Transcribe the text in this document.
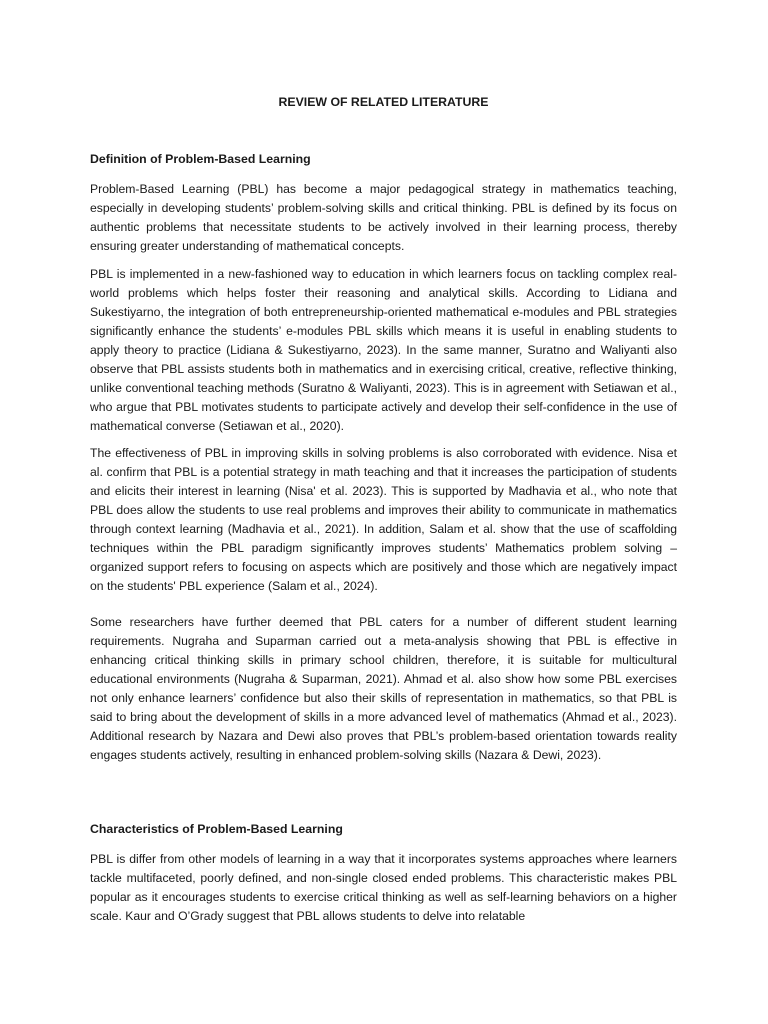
REVIEW OF RELATED LITERATURE
Definition of Problem-Based Learning

Problem-Based Learning (PBL) has become a major pedagogical strategy in mathematics teaching, especially in developing students’ problem-solving skills and critical thinking. PBL is defined by its focus on authentic problems that necessitate students to be actively involved in their learning process, thereby ensuring greater understanding of mathematical concepts.

PBL is implemented in a new-fashioned way to education in which learners focus on tackling complex real-world problems which helps foster their reasoning and analytical skills. According to Lidiana and Sukestiyarno, the integration of both entrepreneurship-oriented mathematical e-modules and PBL strategies significantly enhance the students’ e-modules PBL skills which means it is useful in enabling students to apply theory to practice (Lidiana & Sukestiyarno, 2023). In the same manner, Suratno and Waliyanti also observe that PBL assists students both in mathematics and in exercising critical, creative, reflective thinking, unlike conventional teaching methods (Suratno & Waliyanti, 2023). This is in agreement with Setiawan et al., who argue that PBL motivates students to participate actively and develop their self-confidence in the use of mathematical converse (Setiawan et al., 2020).

The effectiveness of PBL in improving skills in solving problems is also corroborated with evidence. Nisa et al. confirm that PBL is a potential strategy in math teaching and that it increases the participation of students and elicits their interest in learning (Nisa' et al. 2023). This is supported by Madhavia et al., who note that PBL does allow the students to use real problems and improves their ability to communicate in mathematics through context learning (Madhavia et al., 2021). In addition, Salam et al. show that the use of scaffolding techniques within the PBL paradigm significantly improves students’ Mathematics problem solving – organized support refers to focusing on aspects which are positively and those which are negatively impact on the students' PBL experience (Salam et al., 2024).

Some researchers have further deemed that PBL caters for a number of different student learning requirements. Nugraha and Suparman carried out a meta-analysis showing that PBL is effective in enhancing critical thinking skills in primary school children, therefore, it is suitable for multicultural educational environments (Nugraha & Suparman, 2021). Ahmad et al. also show how some PBL exercises not only enhance learners’ confidence but also their skills of representation in mathematics, so that PBL is said to bring about the development of skills in a more advanced level of mathematics (Ahmad et al., 2023). Additional research by Nazara and Dewi also proves that PBL’s problem-based orientation towards reality engages students actively, resulting in enhanced problem-solving skills (Nazara & Dewi, 2023).

Characteristics of Problem-Based Learning

PBL is differ from other models of learning in a way that it incorporates systems approaches where learners tackle multifaceted, poorly defined, and non-single closed ended problems. This characteristic makes PBL popular as it encourages students to exercise critical thinking as well as self-learning behaviors on a higher scale. Kaur and O’Grady suggest that PBL allows students to delve into relatable
